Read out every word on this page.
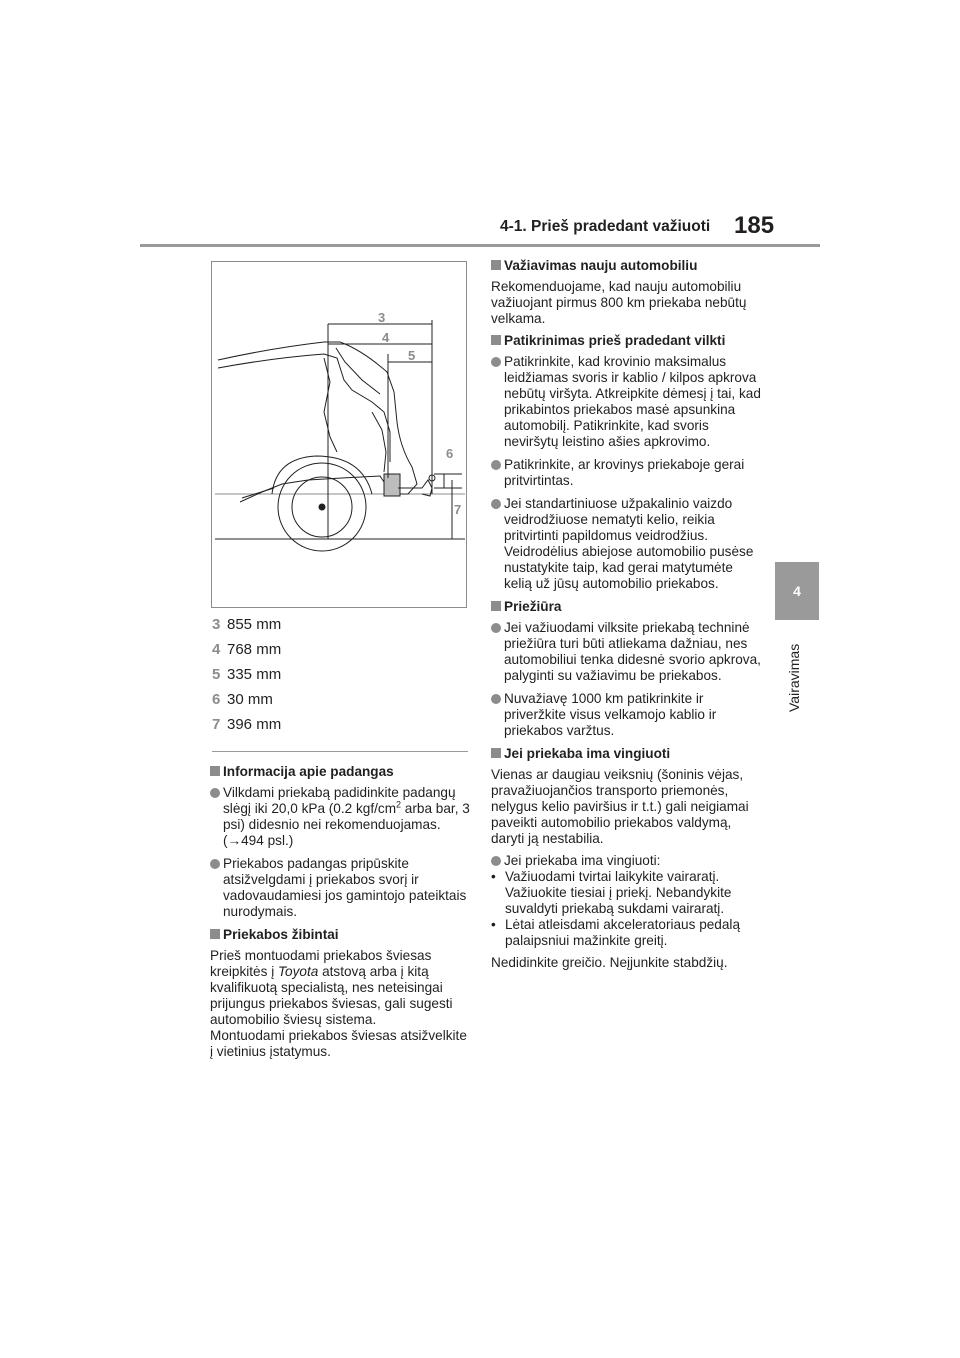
4-1. Prieš pradedant važiuoti 185
4
Vairavimas
3
4
5
6
7
3 855 mm
4 768 mm
5 335 mm
6 30 mm
7 396 mm
Informacija apie padangas
Vilkdami priekabą padidinkite padangų slėgį iki 20,0 kPa (0.2 kgf/$cm^2$ arba bar, 3 psi) didesnio nei rekomenduojamas. (→494 psl.)
Priekabos padangas pripūskite atsižvelgdami į priekabos svorį ir vadovaudamiesi jos gamintojo pateiktais nurodymais.
Priekabos žibintai
Prieš montuodami priekabos šviesas kreipkitės į Toyota atstovą arba į kitą kvalifikuotą specialistą, nes neteisingai prijungus priekabos šviesas, gali sugesti automobilio šviesų sistema.
Montuodami priekabos šviesas atsižvelkite į vietinius įstatymus.
Važiavimas nauju automobiliu
Rekomenduojame, kad nauju automobiliu važiuojant pirmus 800 km priekaba nebūtų velkama.
Patikrinimas prieš pradedant vilkti
Patikrinkite, kad krovinio maksimalus leidžiamas svoris ir kablio / kilpos apkrova nebūtų viršyta. Atkreipkite dėmesį į tai, kad prikabintos priekabos masė apsunkina automobilį. Patikrinkite, kad svoris neviršytų leistino ašies apkrovimo.
Patikrinkite, ar krovinys priekaboje gerai pritvirtintas.
Jei standartiniuose užpakalinio vaizdo veidrodžiuose nematyti kelio, reikia pritvirtinti papildomus veidrodžius. Veidrodėlius abiejose automobilio pusėse nustatykite taip, kad gerai matytumėte kelią už jūsų automobilio priekabos.
Priežiūra
Jei važiuodami vilksite priekabą techninė priežiūra turi būti atliekama dažniau, nes automobiliui tenka didesnė svorio apkrova, palyginti su važiavimu be priekabos.
Nuvažiavę 1000 km patikrinkite ir priveržkite visus velkamojo kablio ir priekabos varžtus.
Jei priekaba ima vingiuoti
Vienas ar daugiau veiksnių (šoninis vėjas, pravažiuojančios transporto priemonės, nelygus kelio paviršius ir t.t.) gali neigiamai paveikti automobilio priekabos valdymą, daryti ją nestabilia.
Jei priekaba ima vingiuoti:
• Važiuodami tvirtai laikykite vairaratį. Važiuokite tiesiai į priekį. Nebandykite suvaldyti priekabą sukdami vairaratį.
• Lėtai atleisdami akceleratoriaus pedalą palaipsniui mažinkite greitį.
Nedidinkite greičio. Neįjunkite stabdžių.
